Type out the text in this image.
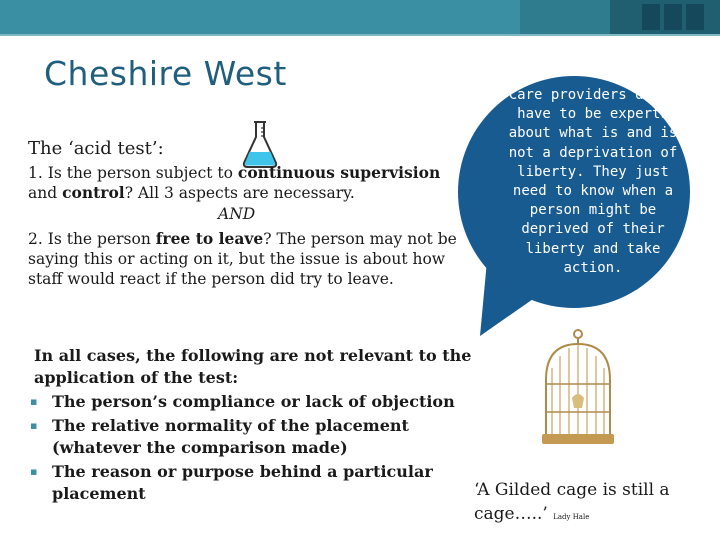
Cheshire West
The ‘acid test’:
1. Is the person subject to continuous supervision
and control? All 3 aspects are necessary.
AND
2. Is the person free to leave? The person may not be
saying this or acting on it, but the issue is about how
staff would react if the person did try to leave.
Care providers don't
have to be experts
about what is and is
not a deprivation of
liberty. They just
need to know when a
person might be
deprived of their
liberty and take
action.
In all cases, the following are not relevant to the
application of the test:
▪ The person’s compliance or lack of objection
▪ The relative normality of the placement
(whatever the comparison made)
▪ The reason or purpose behind a particular
placement	‘A Gilded cage is still a
cage…..’ Lady Hale
